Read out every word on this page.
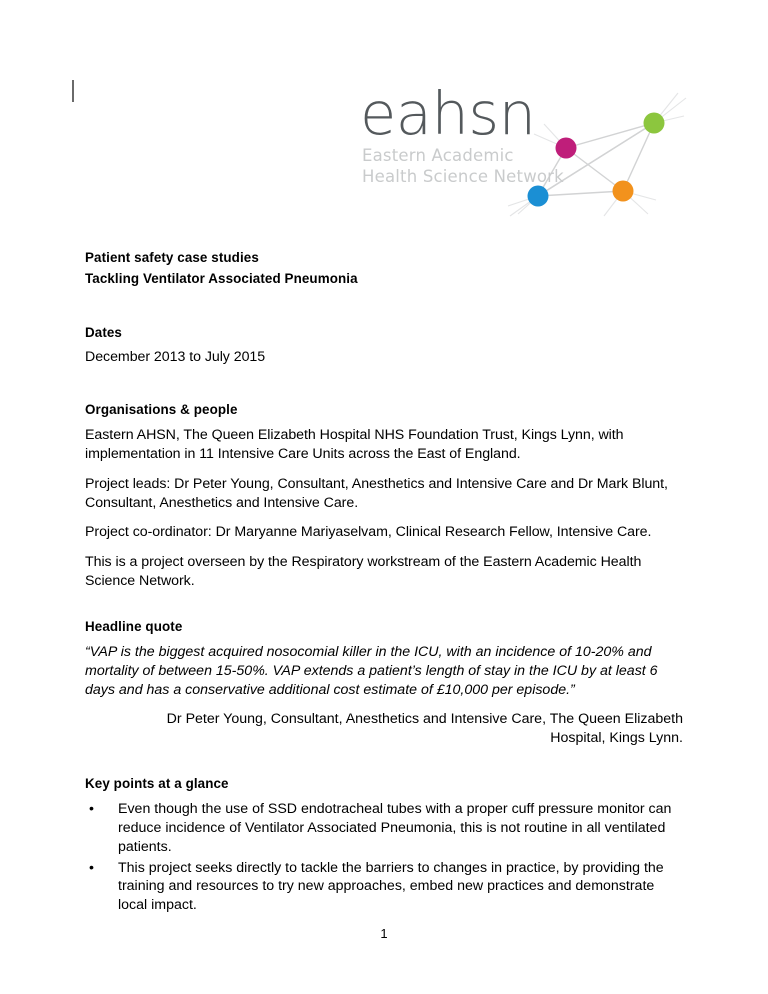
eahsn
Eastern Academic
Health Science Network
Patient safety case studies
Tackling Ventilator Associated Pneumonia
Dates

December 2013 to July 2015

Organisations & people

Eastern AHSN, The Queen Elizabeth Hospital NHS Foundation Trust, Kings Lynn, with implementation in 11 Intensive Care Units across the East of England.

Project leads: Dr Peter Young, Consultant, Anesthetics and Intensive Care and Dr Mark Blunt, Consultant, Anesthetics and Intensive Care.

Project co-ordinator: Dr Maryanne Mariyaselvam, Clinical Research Fellow, Intensive Care.

This is a project overseen by the Respiratory workstream of the Eastern Academic Health Science Network.

Headline quote

“VAP is the biggest acquired nosocomial killer in the ICU, with an incidence of 10-20% and mortality of between 15-50%. VAP extends a patient’s length of stay in the ICU by at least 6 days and has a conservative additional cost estimate of £10,000 per episode.”

Dr Peter Young, Consultant, Anesthetics and Intensive Care, The Queen Elizabeth Hospital, Kings Lynn.

Key points at a glance
• Even though the use of SSD endotracheal tubes with a proper cuff pressure monitor can reduce incidence of Ventilator Associated Pneumonia, this is not routine in all ventilated patients.
• This project seeks directly to tackle the barriers to changes in practice, by providing the training and resources to try new approaches, embed new practices and demonstrate local impact.
1
